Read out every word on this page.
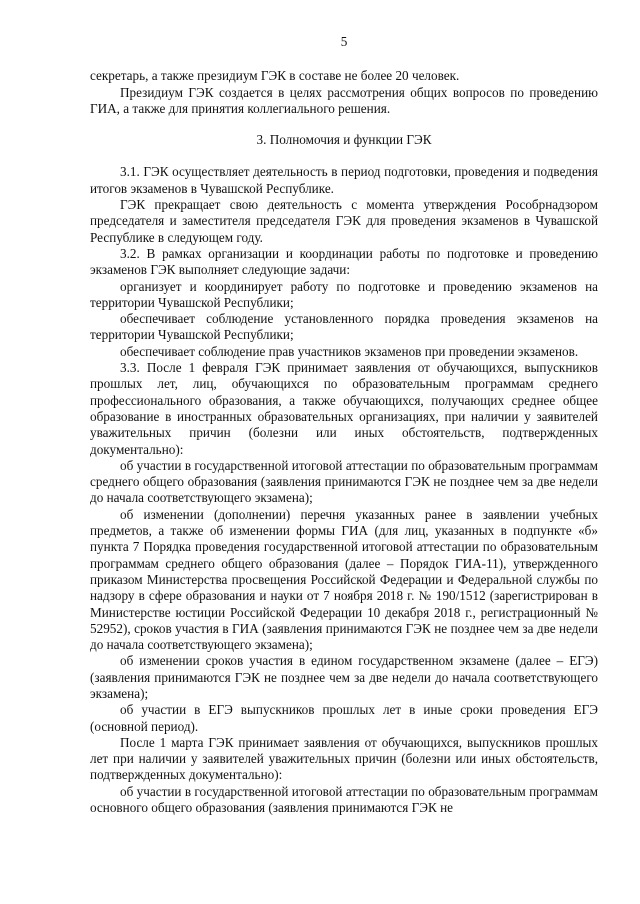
5

секретарь, а также президиум ГЭК в составе не более 20 человек.

Президиум ГЭК создается в целях рассмотрения общих вопросов по проведению ГИА, а также для принятия коллегиального решения.

3. Полномочия и функции ГЭК

3.1. ГЭК осуществляет деятельность в период подготовки, проведения и подведения итогов экзаменов в Чувашской Республике.

ГЭК прекращает свою деятельность с момента утверждения Рособрнадзором председателя и заместителя председателя ГЭК для проведения экзаменов в Чувашской Республике в следующем году.

3.2. В рамках организации и координации работы по подготовке и проведению экзаменов ГЭК выполняет следующие задачи:

организует и координирует работу по подготовке и проведению экзаменов на территории Чувашской Республики;

обеспечивает соблюдение установленного порядка проведения экзаменов на территории Чувашской Республики;

обеспечивает соблюдение прав участников экзаменов при проведении экзаменов.

3.3. После 1 февраля ГЭК принимает заявления от обучающихся, выпускников прошлых лет, лиц, обучающихся по образовательным программам среднего профессионального образования, а также обучающихся, получающих среднее общее образование в иностранных образовательных организациях, при наличии у заявителей уважительных причин (болезни или иных обстоятельств, подтвержденных документально):

об участии в государственной итоговой аттестации по образовательным программам среднего общего образования (заявления принимаются ГЭК не позднее чем за две недели до начала соответствующего экзамена);

об изменении (дополнении) перечня указанных ранее в заявлении учебных предметов, а также об изменении формы ГИА (для лиц, указанных в подпункте «б» пункта 7 Порядка проведения государственной итоговой аттестации по образовательным программам среднего общего образования (далее – Порядок ГИА-11), утвержденного приказом Министерства просвещения Российской Федерации и Федеральной службы по надзору в сфере образования и науки от 7 ноября 2018 г. № 190/1512 (зарегистрирован в Министерстве юстиции Российской Федерации 10 декабря 2018 г., регистрационный № 52952), сроков участия в ГИА (заявления принимаются ГЭК не позднее чем за две недели до начала соответствующего экзамена);

об изменении сроков участия в едином государственном экзамене (далее – ЕГЭ) (заявления принимаются ГЭК не позднее чем за две недели до начала соответствующего экзамена);

об участии в ЕГЭ выпускников прошлых лет в иные сроки проведения ЕГЭ (основной период).

После 1 марта ГЭК принимает заявления от обучающихся, выпускников прошлых лет при наличии у заявителей уважительных причин (болезни или иных обстоятельств, подтвержденных документально):

об участии в государственной итоговой аттестации по образовательным программам основного общего образования (заявления принимаются ГЭК не
